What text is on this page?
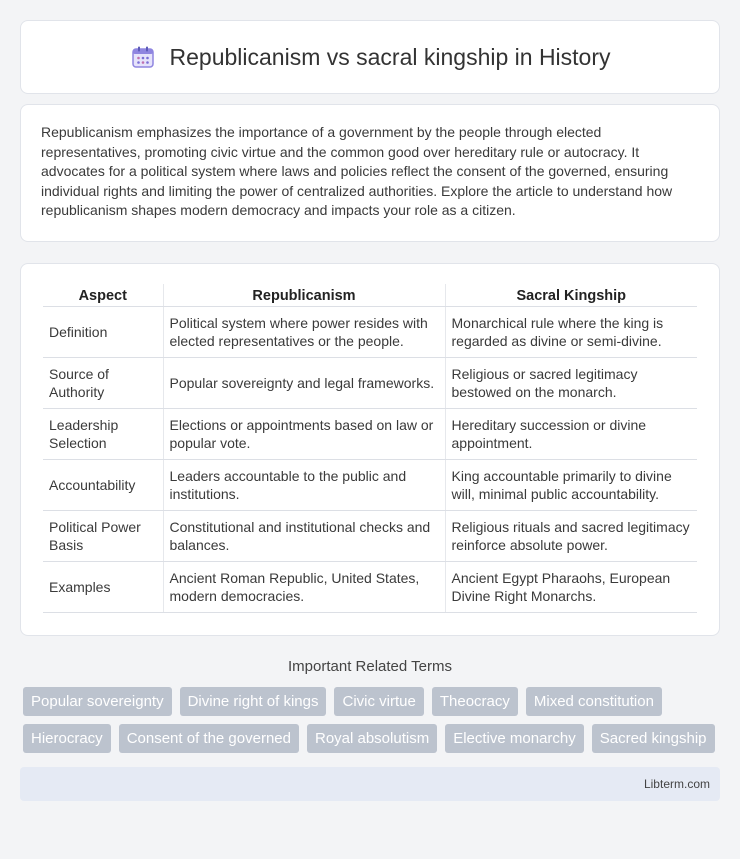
Republicanism vs sacral kingship in History

Republicanism emphasizes the importance of a government by the people through elected representatives, promoting civic virtue and the common good over hereditary rule or autocracy. It advocates for a political system where laws and policies reflect the consent of the governed, ensuring individual rights and limiting the power of centralized authorities. Explore the article to understand how republicanism shapes modern democracy and impacts your role as a citizen.

Aspect	Republicanism	Sacral Kingship
Definition	Political system where power resides with elected representatives or the people.	Monarchical rule where the king is regarded as divine or semi-divine.
Source of Authority	Popular sovereignty and legal frameworks.	Religious or sacred legitimacy bestowed on the monarch.
Leadership Selection	Elections or appointments based on law or popular vote.	Hereditary succession or divine appointment.
Accountability	Leaders accountable to the public and institutions.	King accountable primarily to divine will, minimal public accountability.
Political Power Basis	Constitutional and institutional checks and balances.	Religious rituals and sacred legitimacy reinforce absolute power.
Examples	Ancient Roman Republic, United States, modern democracies.	Ancient Egypt Pharaohs, European Divine Right Monarchs.
Important Related Terms
Popular sovereignty	Divine right of kings	Civic virtue	Theocracy	Mixed constitution
Hierocracy	Consent of the governed	Royal absolutism	Elective monarchy	Sacred kingship
Libterm.com
